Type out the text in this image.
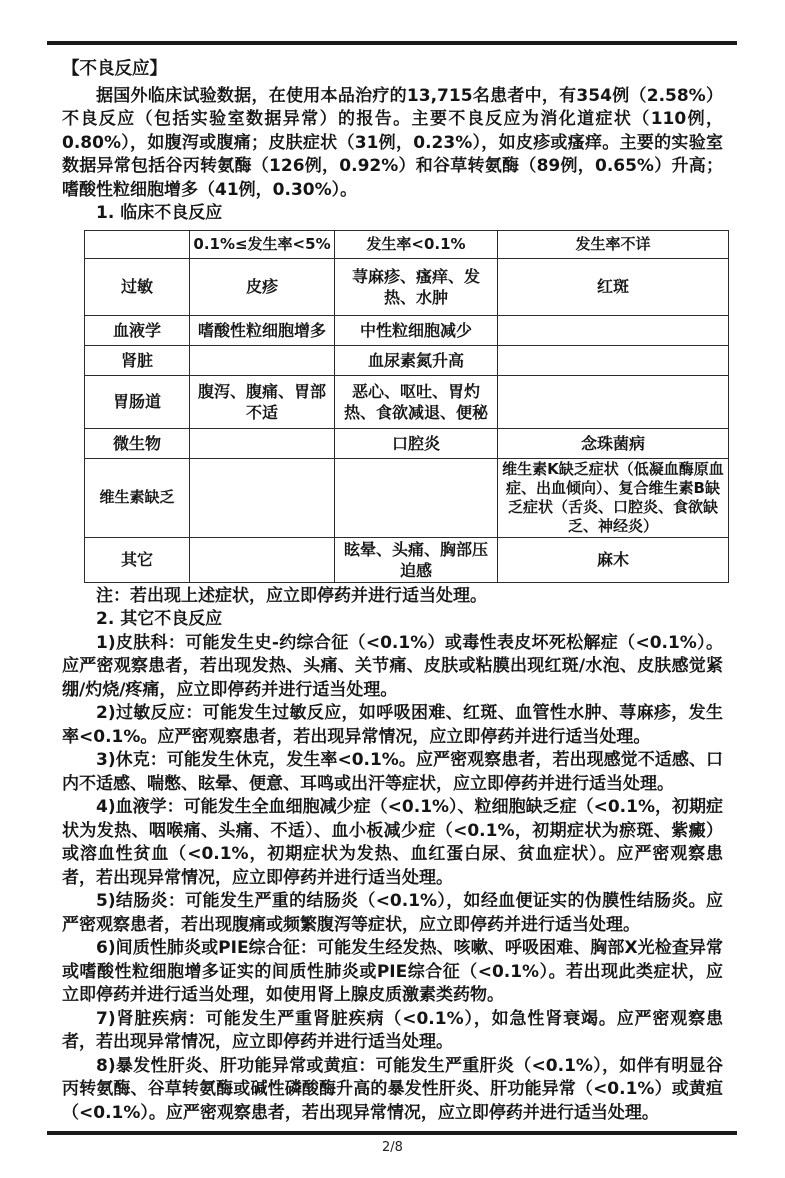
【不良反应】

据国外临床试验数据，在使用本品治疗的13,715名患者中，有354例（2.58%）不良反应（包括实验室数据异常）的报告。主要不良反应为消化道症状（110例，0.80%），如腹泻或腹痛；皮肤症状（31例，0.23%），如皮疹或瘙痒。主要的实验室数据异常包括谷丙转氨酶（126例，0.92%）和谷草转氨酶（89例，0.65%）升高；嗜酸性粒细胞增多（41例，0.30%）。

1. 临床不良反应
	0.1%≤发生率<5%	发生率<0.1%	发生率不详
过敏	皮疹	荨麻疹、瘙痒、发热、水肿	红斑
血液学	嗜酸性粒细胞增多	中性粒细胞减少	
肾脏		血尿素氮升高	
胃肠道	腹泻、腹痛、胃部不适	恶心、呕吐、胃灼热、食欲减退、便秘	
微生物		口腔炎	念珠菌病
维生素缺乏			维生素K缺乏症状（低凝血酶原血症、出血倾向）、复合维生素B缺乏症状（舌炎、口腔炎、食欲缺乏、神经炎）
其它		眩晕、头痛、胸部压迫感	麻木
注：若出现上述症状，应立即停药并进行适当处理。
2. 其它不良反应

1)皮肤科：可能发生史-约综合征（<0.1%）或毒性表皮坏死松解症（<0.1%）。应严密观察患者，若出现发热、头痛、关节痛、皮肤或粘膜出现红斑/水泡、皮肤感觉紧绷/灼烧/疼痛，应立即停药并进行适当处理。

2)过敏反应：可能发生过敏反应，如呼吸困难、红斑、血管性水肿、荨麻疹，发生率<0.1%。应严密观察患者，若出现异常情况，应立即停药并进行适当处理。

3)休克：可能发生休克，发生率<0.1%。应严密观察患者，若出现感觉不适感、口内不适感、喘憋、眩晕、便意、耳鸣或出汗等症状，应立即停药并进行适当处理。

4)血液学：可能发生全血细胞减少症（<0.1%）、粒细胞缺乏症（<0.1%，初期症状为发热、咽喉痛、头痛、不适）、血小板减少症（<0.1%，初期症状为瘀斑、紫癜）或溶血性贫血（<0.1%，初期症状为发热、血红蛋白尿、贫血症状）。应严密观察患者，若出现异常情况，应立即停药并进行适当处理。

5)结肠炎：可能发生严重的结肠炎（<0.1%），如经血便证实的伪膜性结肠炎。应严密观察患者，若出现腹痛或频繁腹泻等症状，应立即停药并进行适当处理。

6)间质性肺炎或PIE综合征：可能发生经发热、咳嗽、呼吸困难、胸部X光检查异常或嗜酸性粒细胞增多证实的间质性肺炎或PIE综合征（<0.1%）。若出现此类症状，应立即停药并进行适当处理，如使用肾上腺皮质激素类药物。

7)肾脏疾病：可能发生严重肾脏疾病（<0.1%），如急性肾衰竭。应严密观察患者，若出现异常情况，应立即停药并进行适当处理。

8)暴发性肝炎、肝功能异常或黄疸：可能发生严重肝炎（<0.1%），如伴有明显谷丙转氨酶、谷草转氨酶或碱性磷酸酶升高的暴发性肝炎、肝功能异常（<0.1%）或黄疸（<0.1%）。应严密观察患者，若出现异常情况，应立即停药并进行适当处理。

2/8
